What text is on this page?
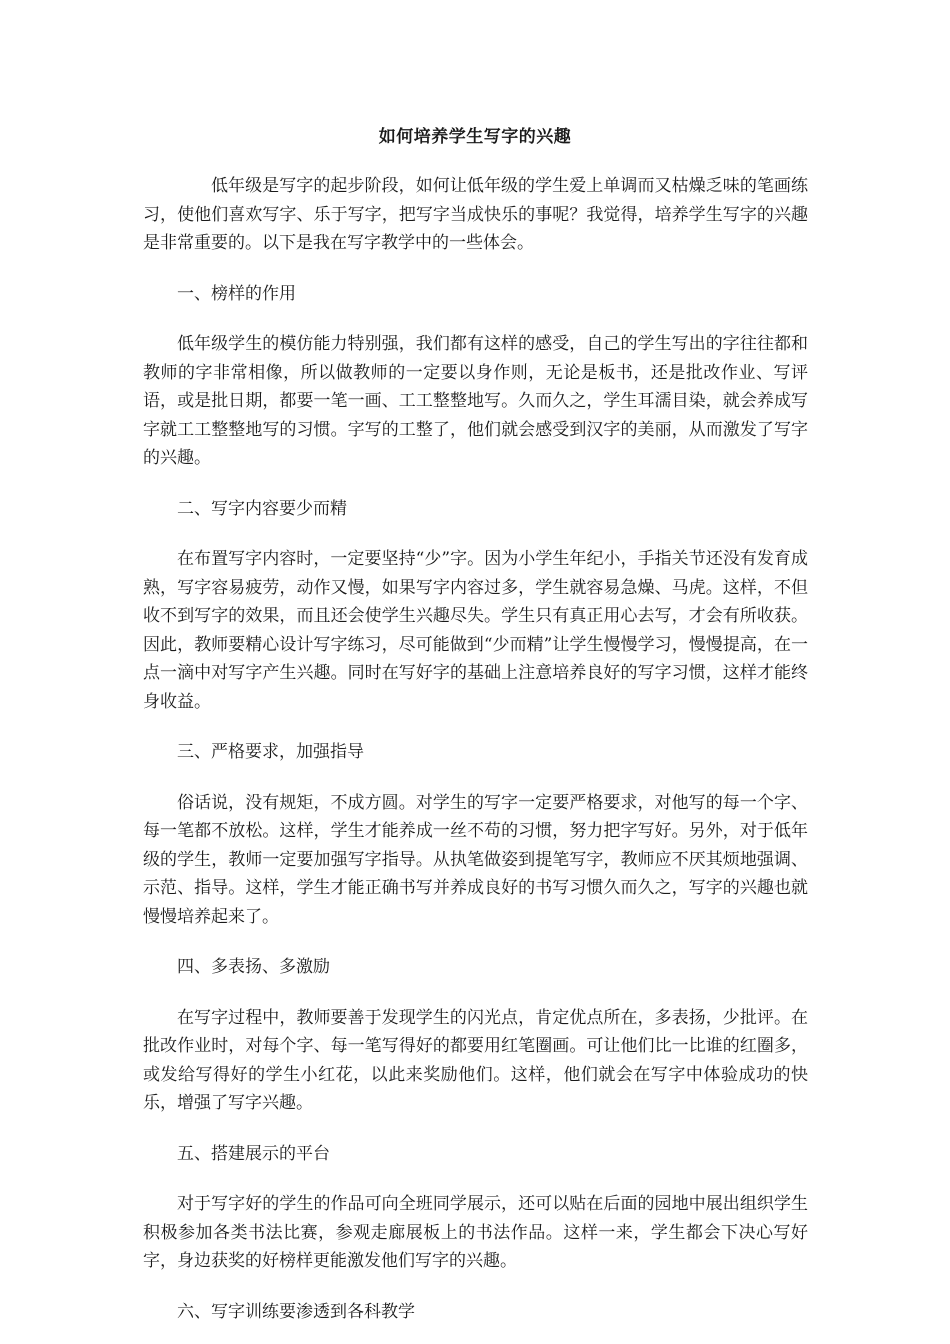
如何培养学生写字的兴趣

低年级是写字的起步阶段，如何让低年级的学生爱上单调而又枯燥乏味的笔画练习，使他们喜欢写字、乐于写字，把写字当成快乐的事呢？我觉得，培养学生写字的兴趣是非常重要的。以下是我在写字教学中的一些体会。

一、榜样的作用

低年级学生的模仿能力特别强，我们都有这样的感受，自己的学生写出的字往往都和教师的字非常相像，所以做教师的一定要以身作则，无论是板书，还是批改作业、写评语，或是批日期，都要一笔一画、工工整整地写。久而久之，学生耳濡目染，就会养成写字就工工整整地写的习惯。字写的工整了，他们就会感受到汉字的美丽，从而激发了写字的兴趣。

二、写字内容要少而精

在布置写字内容时，一定要坚持“少”字。因为小学生年纪小，手指关节还没有发育成熟，写字容易疲劳，动作又慢，如果写字内容过多，学生就容易急燥、马虎。这样，不但收不到写字的效果，而且还会使学生兴趣尽失。学生只有真正用心去写，才会有所收获。因此，教师要精心设计写字练习，尽可能做到“少而精”让学生慢慢学习，慢慢提高，在一点一滴中对写字产生兴趣。同时在写好字的基础上注意培养良好的写字习惯，这样才能终身收益。

三、严格要求，加强指导

俗话说，没有规矩，不成方圆。对学生的写字一定要严格要求，对他写的每一个字、每一笔都不放松。这样，学生才能养成一丝不苟的习惯，努力把字写好。另外，对于低年级的学生，教师一定要加强写字指导。从执笔做姿到提笔写字，教师应不厌其烦地强调、示范、指导。这样，学生才能正确书写并养成良好的书写习惯久而久之，写字的兴趣也就慢慢培养起来了。

四、多表扬、多激励

在写字过程中，教师要善于发现学生的闪光点，肯定优点所在，多表扬，少批评。在批改作业时，对每个字、每一笔写得好的都要用红笔圈画。可让他们比一比谁的红圈多，或发给写得好的学生小红花，以此来奖励他们。这样，他们就会在写字中体验成功的快乐，增强了写字兴趣。

五、搭建展示的平台

对于写字好的学生的作品可向全班同学展示，还可以贴在后面的园地中展出组织学生积极参加各类书法比赛，参观走廊展板上的书法作品。这样一来，学生都会下决心写好字，身边获奖的好榜样更能激发他们写字的兴趣。

六、写字训练要渗透到各科教学
